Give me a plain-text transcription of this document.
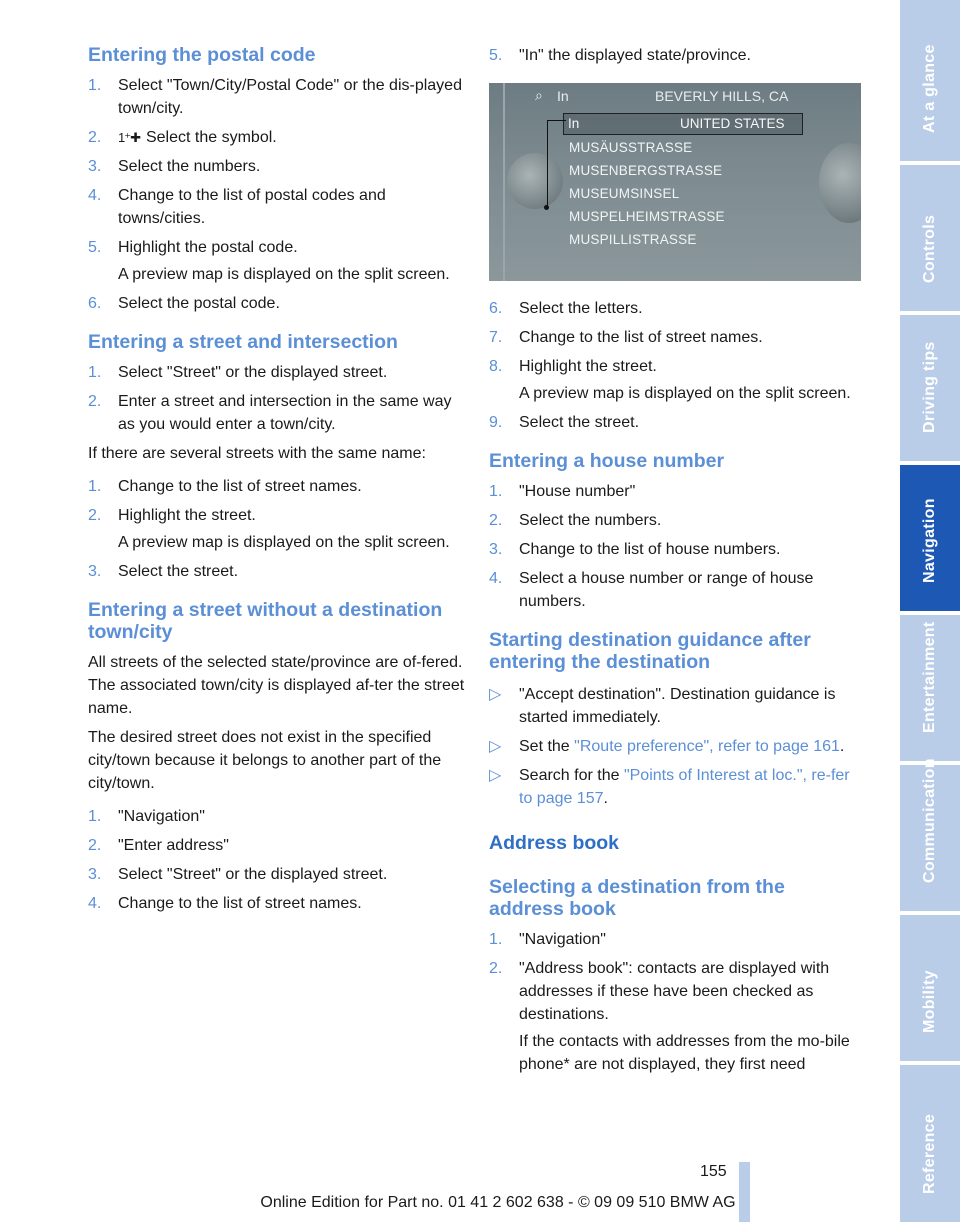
Entering the postal code
1.	Select "Town/City/Postal Code" or the dis-played town/city.
2.	1⁺✚ Select the symbol.
3.	Select the numbers.
4.	Change to the list of postal codes and towns/cities.
5.	Highlight the postal code.
A preview map is displayed on the split screen.
6.	Select the postal code.
Entering a street and intersection
1.	Select "Street" or the displayed street.
2.	Enter a street and intersection in the same way as you would enter a town/city.

If there are several streets with the same name:

1.	Change to the list of street names.
2.	Highlight the street.
A preview map is displayed on the split screen.
3.	Select the street.
Entering a street without a destination town/city

All streets of the selected state/province are of-fered. The associated town/city is displayed af-ter the street name.

The desired street does not exist in the specified city/town because it belongs to another part of the city/town.

1.	"Navigation"
2.	"Enter address"
3.	Select "Street" or the displayed street.
4.	Change to the list of street names.
5.	"In" the displayed state/province.
⌕ In	BEVERLY HILLS, CA
In	UNITED STATES
MUSÄUSSTRASSE
MUSENBERGSTRASSE
MUSEUMSINSEL
MUSPELHEIMSTRASSE
MUSPILLISTRASSE
6.	Select the letters.
7.	Change to the list of street names.
8.	Highlight the street.
A preview map is displayed on the split screen.
9.	Select the street.
Entering a house number
1.	"House number"
2.	Select the numbers.
3.	Change to the list of house numbers.
4.	Select a house number or range of house numbers.
Starting destination guidance after entering the destination
▷	"Accept destination". Destination guidance is started immediately.
▷	Set the "Route preference", refer to page 161.
▷	Search for the "Points of Interest at loc.", re-fer to page 157.
Address book
Selecting a destination from the address book
1.	"Navigation"
2.	"Address book": contacts are displayed with addresses if these have been checked as destinations.
If the contacts with addresses from the mo-bile phone* are not displayed, they first need
At a glance
Controls
Driving tips
Navigation
Entertainment
Communication
Mobility
Reference
155
Online Edition for Part no. 01 41 2 602 638 - © 09 09 510 BMW AG
